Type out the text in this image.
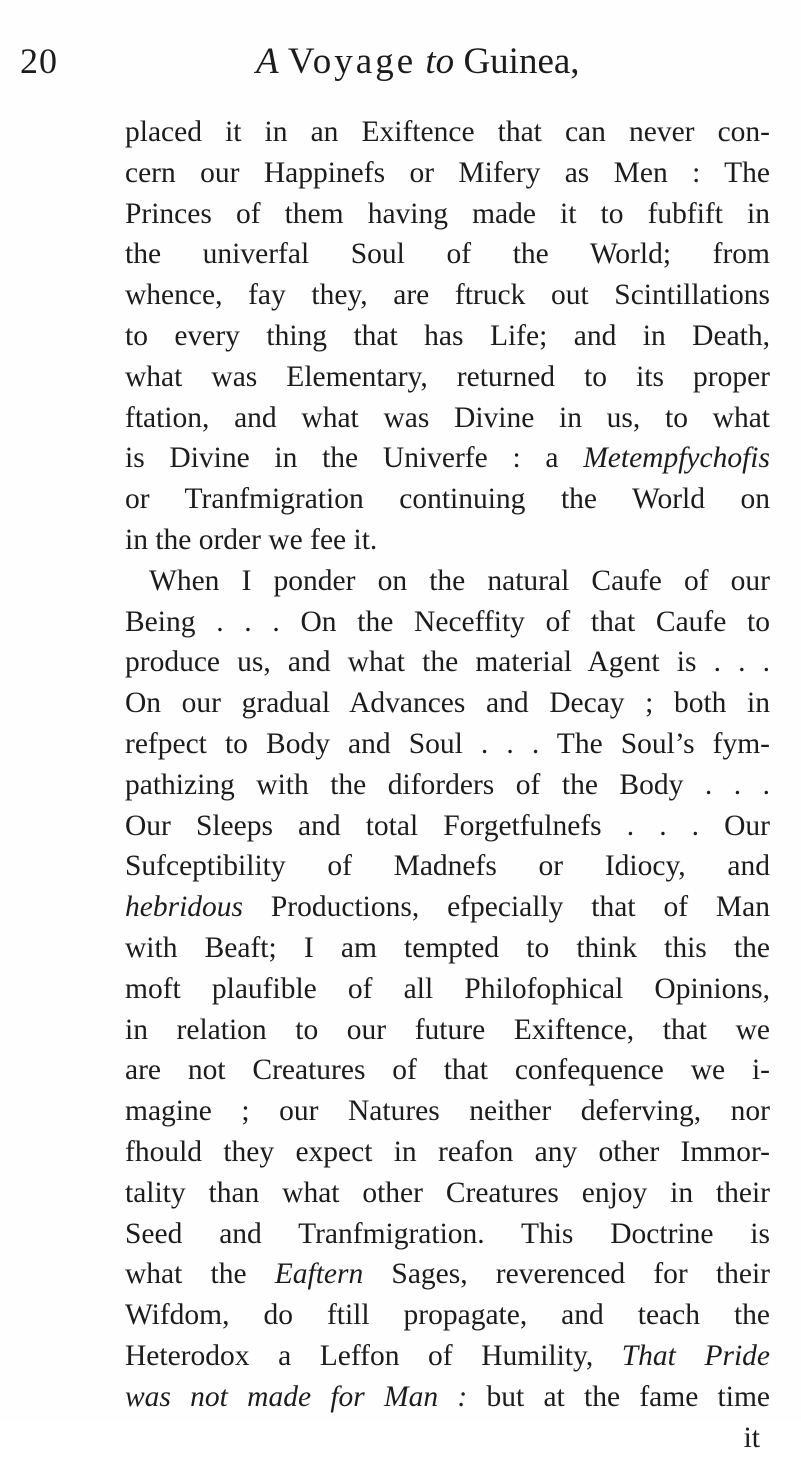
20	A Voyage to Guinea,
placed it in an Exiftence that can never con-
cern our Happinefs or Mifery as Men : The
Princes of them having made it to fubfift in
the univerfal Soul of the World; from
whence, fay they, are ftruck out Scintillations
to every thing that has Life; and in Death,
what was Elementary, returned to its proper
ftation, and what was Divine in us, to what
is Divine in the Univerfe : a Metempfychofis
or Tranfmigration continuing the World on
in the order we fee it.
When I ponder on the natural Caufe of our
Being . . . On the Neceffity of that Caufe to
produce us, and what the material Agent is . . .
On our gradual Advances and Decay ; both in
refpect to Body and Soul . . . The Soul’s fym-
pathizing with the diforders of the Body . . .
Our Sleeps and total Forgetfulnefs . . . Our
Sufceptibility of Madnefs or Idiocy, and
hebridous Productions, efpecially that of Man
with Beaft; I am tempted to think this the
moft plaufible of all Philofophical Opinions,
in relation to our future Exiftence, that we
are not Creatures of that confequence we i-
magine ; our Natures neither deferving, nor
fhould they expect in reafon any other Immor-
tality than what other Creatures enjoy in their
Seed and Tranfmigration. This Doctrine is
what the Eaftern Sages, reverenced for their
Wifdom, do ftill propagate, and teach the
Heterodox a Leffon of Humility, That Pride
was not made for Man : but at the fame time
it
